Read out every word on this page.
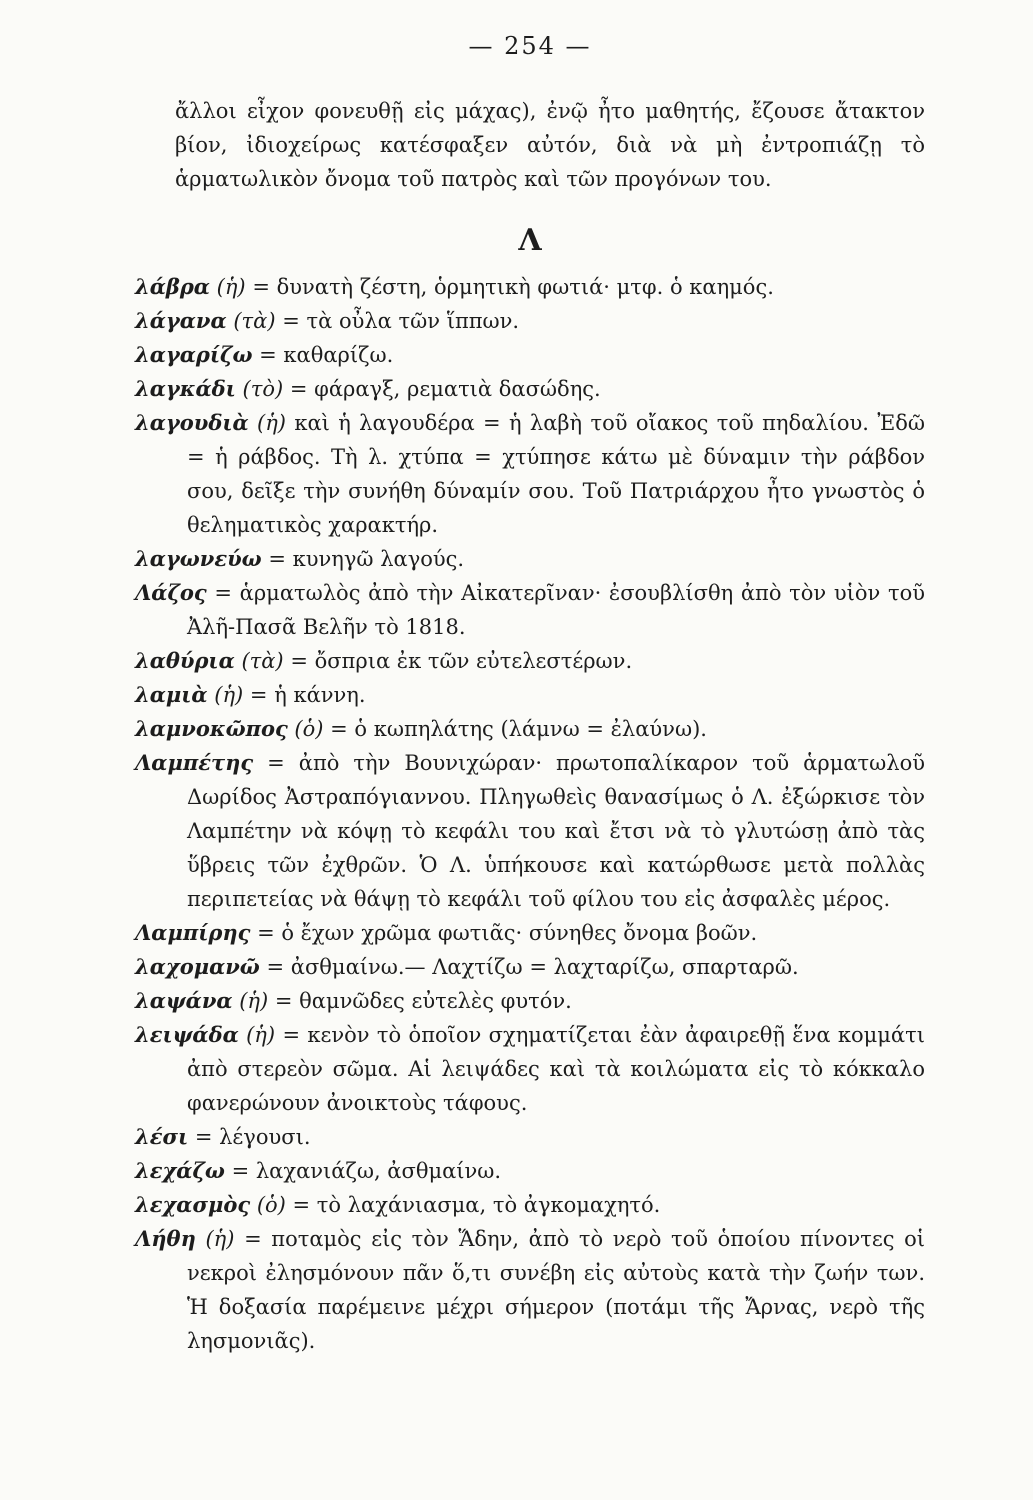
— 254 —
ἄλλοι εἶχον φονευθῇ εἰς μάχας), ἐνῷ ἦτο μαθητής, ἔζουσε ἄτακτον βίον, ἰδιοχείρως κατέσφαξεν αὐτόν, διὰ νὰ μὴ ἐντροπιάζῃ τὸ ἁρματωλικὸν ὄνομα τοῦ πατρὸς καὶ τῶν προγόνων του.
Λ
λάβρα (ἡ) = δυνατὴ ζέστη, ὁρμητικὴ φωτιά· μτφ. ὁ καημός.
λάγανα (τὰ) = τὰ οὖλα τῶν ἵππων.
λαγαρίζω = καθαρίζω.
λαγκάδι (τὸ) = φάραγξ, ρεματιὰ δασώδης.
λαγουδιὰ (ἡ) καὶ ἡ λαγουδέρα = ἡ λαβὴ τοῦ οἴακος τοῦ πηδαλίου. Ἐδῶ = ἡ ράβδος. Τὴ λ. χτύπα = χτύπησε κάτω μὲ δύναμιν τὴν ράβδον σου, δεῖξε τὴν συνήθη δύναμίν σου. Τοῦ Πατριάρχου ἦτο γνωστὸς ὁ θεληματικὸς χαρακτήρ.
λαγωνεύω = κυνηγῶ λαγούς.
Λάζος = ἁρματωλὸς ἀπὸ τὴν Αἰκατερῖναν· ἐσουβλίσθη ἀπὸ τὸν υἱὸν τοῦ Ἀλῆ-Πασᾶ Βελῆν τὸ 1818.
λαθύρια (τὰ) = ὄσπρια ἐκ τῶν εὐτελεστέρων.
λαμιὰ (ἡ) = ἡ κάννη.
λαμνοκῶπος (ὁ) = ὁ κωπηλάτης (λάμνω = ἐλαύνω).
Λαμπέτης = ἀπὸ τὴν Βουνιχώραν· πρωτοπαλίκαρον τοῦ ἁρματωλοῦ Δωρίδος Ἀστραπόγιαννου. Πληγωθεὶς θανασίμως ὁ Λ. ἐξώρκισε τὸν Λαμπέτην νὰ κόψῃ τὸ κεφάλι του καὶ ἔτσι νὰ τὸ γλυτώσῃ ἀπὸ τὰς ὕβρεις τῶν ἐχθρῶν. Ὁ Λ. ὑπήκουσε καὶ κατώρθωσε μετὰ πολλὰς περιπετείας νὰ θάψῃ τὸ κεφάλι τοῦ φίλου του εἰς ἀσφαλὲς μέρος.
Λαμπίρης = ὁ ἔχων χρῶμα φωτιᾶς· σύνηθες ὄνομα βοῶν.
λαχομανῶ = ἀσθμαίνω.— Λαχτίζω = λαχταρίζω, σπαρταρῶ.
λαψάνα (ἡ) = θαμνῶδες εὐτελὲς φυτόν.
λειψάδα (ἡ) = κενὸν τὸ ὁποῖον σχηματίζεται ἐὰν ἀφαιρεθῇ ἕνα κομμάτι ἀπὸ στερεὸν σῶμα. Αἱ λειψάδες καὶ τὰ κοιλώματα εἰς τὸ κόκκαλο φανερώνουν ἀνοικτοὺς τάφους.
λέσι = λέγουσι.
λεχάζω = λαχανιάζω, ἀσθμαίνω.
λεχασμὸς (ὁ) = τὸ λαχάνιασμα, τὸ ἀγκομαχητό.
Λήθη (ἡ) = ποταμὸς εἰς τὸν Ἅδην, ἀπὸ τὸ νερὸ τοῦ ὁποίου πίνοντες οἱ νεκροὶ ἐλησμόνουν πᾶν ὅ,τι συνέβη εἰς αὐτοὺς κατὰ τὴν ζωήν των. Ἡ δοξασία παρέμεινε μέχρι σήμερον (ποτάμι τῆς Ἄρνας, νερὸ τῆς λησμονιᾶς).
